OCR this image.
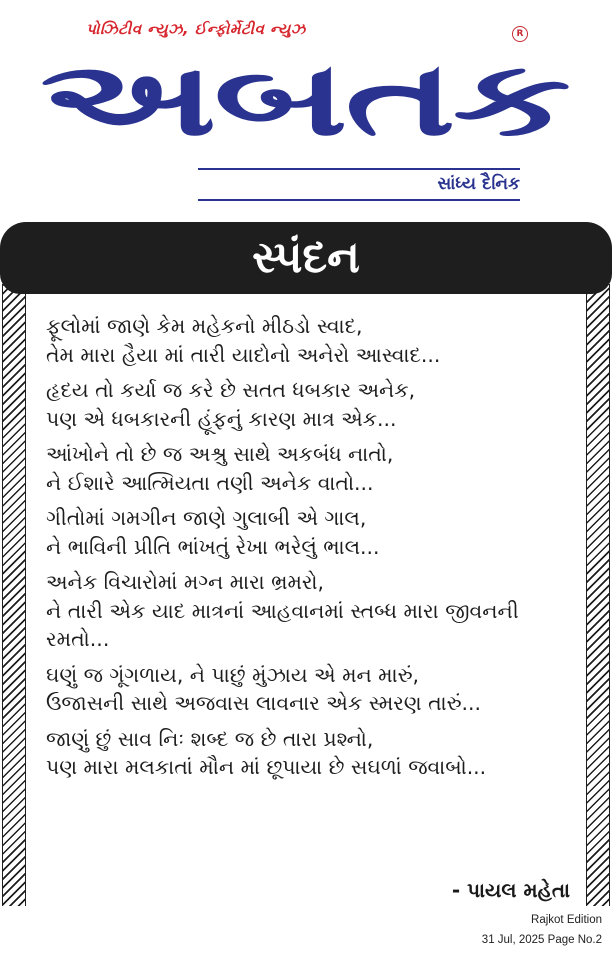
પોઝિટીવ ન્યુઝ, ઈન્ફોર્મેટીવ ન્યુઝ	R
અબતક
સાંધ્ય દૈનિક
સ્પંદન
ફૂલોમાં જાણે કેમ મહેકનો મીઠડો સ્વાદ,
તેમ મારા હૈયા માં તારી યાદોનો અનેરો આસ્વાદ...
હૃદય તો કર્યા જ કરે છે સતત ધબકાર અનેક,
પણ એ ધબકારની હૂંફનું કારણ માત્ર એક...
આંખોને તો છે જ અશ્રુ સાથે અકબંધ નાતો,
ને ઈશારે આત્મિયતા તણી અનેક વાતો...
ગીતોમાં ગમગીન જાણે ગુલાબી એ ગાલ,
ને ભાવિની પ્રીતિ ભાંખતું રેખા ભરેલું ભાલ...
અનેક વિચારોમાં મગ્ન મારા ભ્રમરો,
ને તારી એક યાદ માત્રનાં આહવાનમાં સ્તબ્ધ મારા જીવનની રમતો...
ઘણું જ ગૂંગળાય, ને પાછું મુંઝાય એ મન મારું,
ઉજાસની સાથે અજવાસ લાવનાર એક સ્મરણ તારું...
જાણું છું સાવ નિઃ શબ્દ જ છે તારા પ્રશ્નો,
પણ મારા મલકાતાં મૌન માં છૂપાયા છે સઘળાં જવાબો...
- પાયલ મહેતા
Rajkot Edition
31 Jul, 2025 Page No.2
